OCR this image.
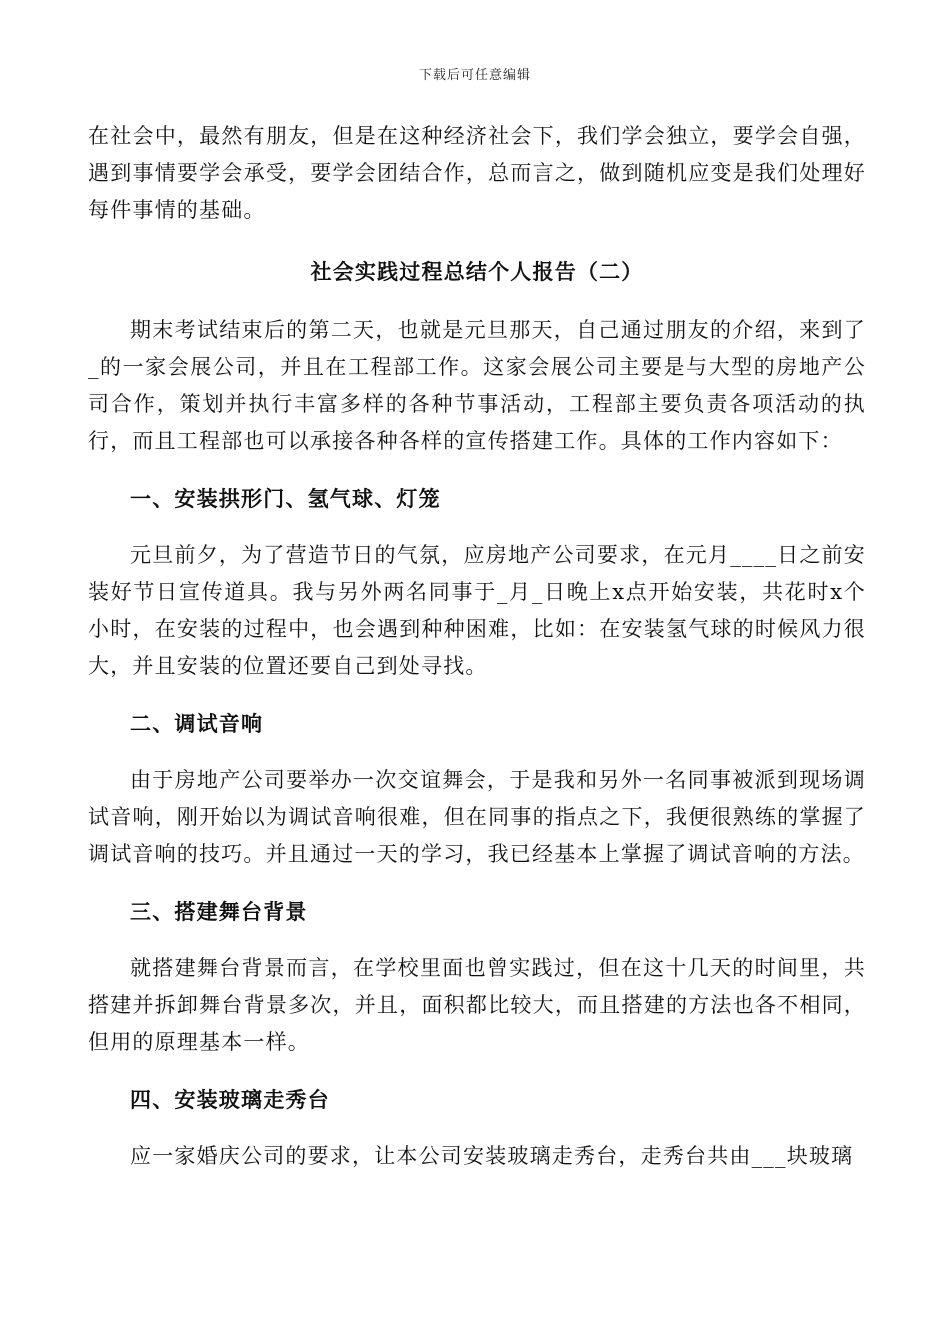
下载后可任意编辑

在社会中，最然有朋友，但是在这种经济社会下，我们学会独立，要学会自强，遇到事情要学会承受，要学会团结合作，总而言之，做到随机应变是我们处理好每件事情的基础。

社会实践过程总结个人报告（二）

期末考试结束后的第二天，也就是元旦那天，自己通过朋友的介绍，来到了_的一家会展公司，并且在工程部工作。这家会展公司主要是与大型的房地产公司合作，策划并执行丰富多样的各种节事活动，工程部主要负责各项活动的执行，而且工程部也可以承接各种各样的宣传搭建工作。具体的工作内容如下：

一、安装拱形门、氢气球、灯笼

元旦前夕，为了营造节日的气氛，应房地产公司要求，在元月____日之前安装好节日宣传道具。我与另外两名同事于_月_日晚上x点开始安装，共花时x个小时，在安装的过程中，也会遇到种种困难，比如：在安装氢气球的时候风力很大，并且安装的位置还要自己到处寻找。

二、调试音响

由于房地产公司要举办一次交谊舞会，于是我和另外一名同事被派到现场调试音响，刚开始以为调试音响很难，但在同事的指点之下，我便很熟练的掌握了调试音响的技巧。并且通过一天的学习，我已经基本上掌握了调试音响的方法。

三、搭建舞台背景

就搭建舞台背景而言，在学校里面也曾实践过，但在这十几天的时间里，共搭建并拆卸舞台背景多次，并且，面积都比较大，而且搭建的方法也各不相同，但用的原理基本一样。

四、安装玻璃走秀台

应一家婚庆公司的要求，让本公司安装玻璃走秀台，走秀台共由___块玻璃
